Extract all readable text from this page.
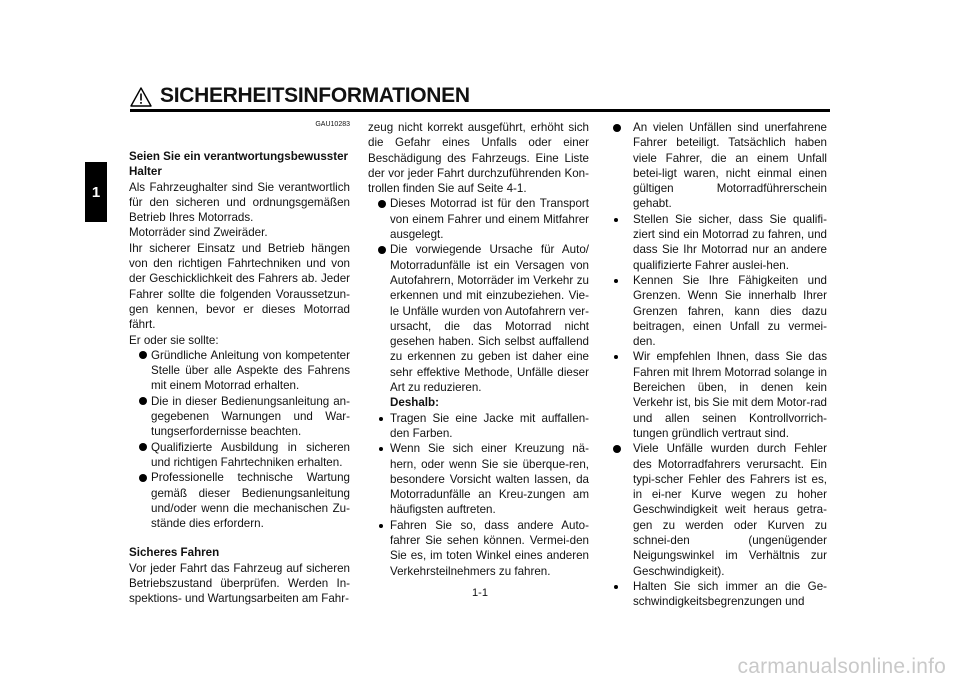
1
SICHERHEITSINFORMATIONEN

GAU10283

Seien Sie ein verantwortungsbewusster Halter

Als Fahrzeughalter sind Sie verantwortlich für den sicheren und ordnungsgemäßen Betrieb Ihres Motorrads.

Motorräder sind Zweiräder.

Ihr sicherer Einsatz und Betrieb hängen von den richtigen Fahrtechniken und von der Geschicklichkeit des Fahrers ab. Jeder Fahrer sollte die folgenden Voraussetzun-gen kennen, bevor er dieses Motorrad fährt.

Er oder sie sollte:

Gründliche Anleitung von kompetenter Stelle über alle Aspekte des Fahrens mit einem Motorrad erhalten.
Die in dieser Bedienungsanleitung an-gegebenen Warnungen und War-tungserfordernisse beachten.
Qualifizierte Ausbildung in sicheren und richtigen Fahrtechniken erhalten.
Professionelle technische Wartung gemäß dieser Bedienungsanleitung und/oder wenn die mechanischen Zu-stände dies erfordern.

Sicheres Fahren

Vor jeder Fahrt das Fahrzeug auf sicheren Betriebszustand überprüfen. Werden In-spektions- und Wartungsarbeiten am Fahr-

zeug nicht korrekt ausgeführt, erhöht sich die Gefahr eines Unfalls oder einer Beschädigung des Fahrzeugs. Eine Liste der vor jeder Fahrt durchzuführenden Kon-trollen finden Sie auf Seite 4-1.

Dieses Motorrad ist für den Transport von einem Fahrer und einem Mitfahrer ausgelegt.
Die vorwiegende Ursache für Auto/ Motorradunfälle ist ein Versagen von Autofahrern, Motorräder im Verkehr zu erkennen und mit einzubeziehen. Vie-le Unfälle wurden von Autofahrern ver-ursacht, die das Motorrad nicht gesehen haben. Sich selbst auffallend zu erkennen zu geben ist daher eine sehr effektive Methode, Unfälle dieser Art zu reduzieren.

Deshalb:

Tragen Sie eine Jacke mit auffallen-den Farben.
Wenn Sie sich einer Kreuzung nä-hern, oder wenn Sie sie überque-ren, besondere Vorsicht walten lassen, da Motorradunfälle an Kreu-zungen am häufigsten auftreten.
Fahren Sie so, dass andere Auto-fahrer Sie sehen können. Vermei-den Sie es, im toten Winkel eines anderen Verkehrsteilnehmers zu fahren.
An vielen Unfällen sind unerfahrene Fahrer beteiligt. Tatsächlich haben viele Fahrer, die an einem Unfall betei-ligt waren, nicht einmal einen gültigen Motorradführerschein gehabt.
Stellen Sie sicher, dass Sie qualifi-ziert sind ein Motorrad zu fahren, und dass Sie Ihr Motorrad nur an andere qualifizierte Fahrer auslei-hen.
Kennen Sie Ihre Fähigkeiten und Grenzen. Wenn Sie innerhalb Ihrer Grenzen fahren, kann dies dazu beitragen, einen Unfall zu vermei-den.
Wir empfehlen Ihnen, dass Sie das Fahren mit Ihrem Motorrad solange in Bereichen üben, in denen kein Verkehr ist, bis Sie mit dem Motor-rad und allen seinen Kontrollvorrich-tungen gründlich vertraut sind.
Viele Unfälle wurden durch Fehler des Motorradfahrers verursacht. Ein typi-scher Fehler des Fahrers ist es, in ei-ner Kurve wegen zu hoher Geschwindigkeit weit heraus getra-gen zu werden oder Kurven zu schnei-den (ungenügender Neigungswinkel im Verhältnis zur Geschwindigkeit).
Halten Sie sich immer an die Ge-schwindigkeitsbegrenzungen und
1-1
carmanualsonline.info
